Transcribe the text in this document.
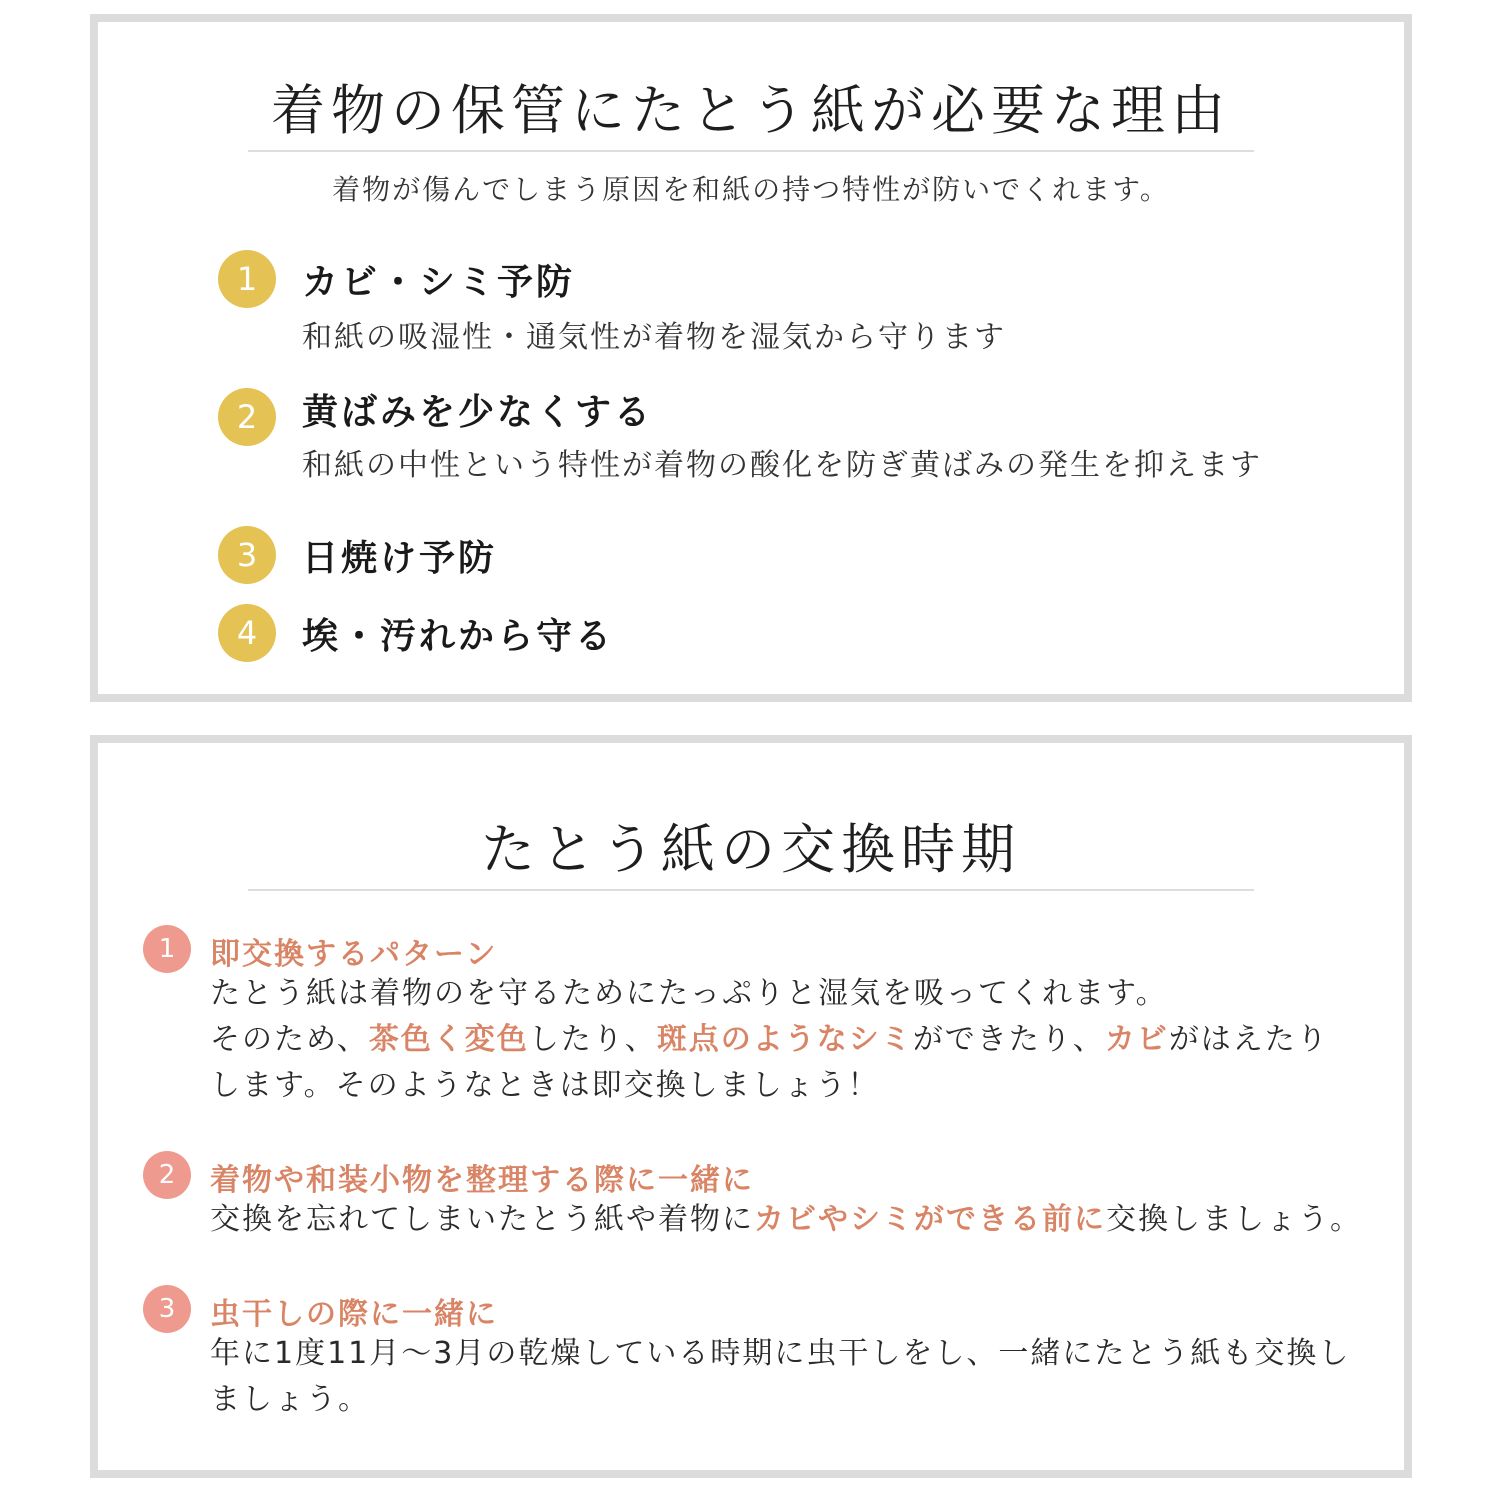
着物の保管にたとう紙が必要な理由
着物が傷んでしまう原因を和紙の持つ特性が防いでくれます。
1	カビ・シミ予防
和紙の吸湿性・通気性が着物を湿気から守ります
2	黄ばみを少なくする
和紙の中性という特性が着物の酸化を防ぎ黄ばみの発生を抑えます
3	日焼け予防
4	埃・汚れから守る
たとう紙の交換時期
1	即交換するパターン
たとう紙は着物のを守るためにたっぷりと湿気を吸ってくれます。
そのため、茶色く変色したり、斑点のようなシミができたり、カビがはえたり
します。そのようなときは即交換しましょう！
2	着物や和装小物を整理する際に一緒に
交換を忘れてしまいたとう紙や着物にカビやシミができる前に交換しましょう。
3	虫干しの際に一緒に
年に1度11月〜3月の乾燥している時期に虫干しをし、一緒にたとう紙も交換し
ましょう。
